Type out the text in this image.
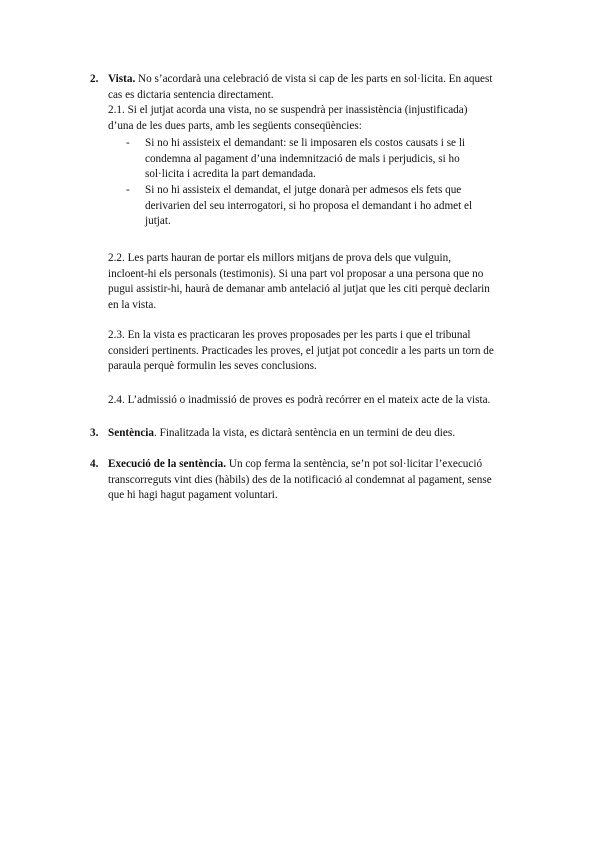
2. Vista. No s’acordarà una celebració de vista si cap de les parts en sol·licita. En aquest
cas es dictaria sentencia directament.
2.1. Si el jutjat acorda una vista, no se suspendrà per inassistència (injustificada)
d’una de les dues parts, amb les següents conseqüències:
- Si no hi assisteix el demandant: se li imposaren els costos causats i se li
condemna al pagament d’una indemnització de mals i perjudicis, si ho
sol·licita i acredita la part demandada.
- Si no hi assisteix el demandat, el jutge donarà per admesos els fets que
derivarien del seu interrogatori, si ho proposa el demandant i ho admet el
jutjat.
2.2. Les parts hauran de portar els millors mitjans de prova dels que vulguin,
incloent-hi els personals (testimonis). Si una part vol proposar a una persona que no
pugui assistir-hi, haurà de demanar amb antelació al jutjat que les citi perquè declarin
en la vista.
2.3. En la vista es practicaran les proves proposades per les parts i que el tribunal
consideri pertinents. Practicades les proves, el jutjat pot concedir a les parts un torn de
paraula perquè formulin les seves conclusions.
2.4. L’admissió o inadmissió de proves es podrà recórrer en el mateix acte de la vista.
3. Sentència. Finalitzada la vista, es dictarà sentència en un termini de deu dies.
4. Execució de la sentència. Un cop ferma la sentència, se’n pot sol·licitar l’execució
transcorreguts vint dies (hàbils) des de la notificació al condemnat al pagament, sense
que hi hagi hagut pagament voluntari.
